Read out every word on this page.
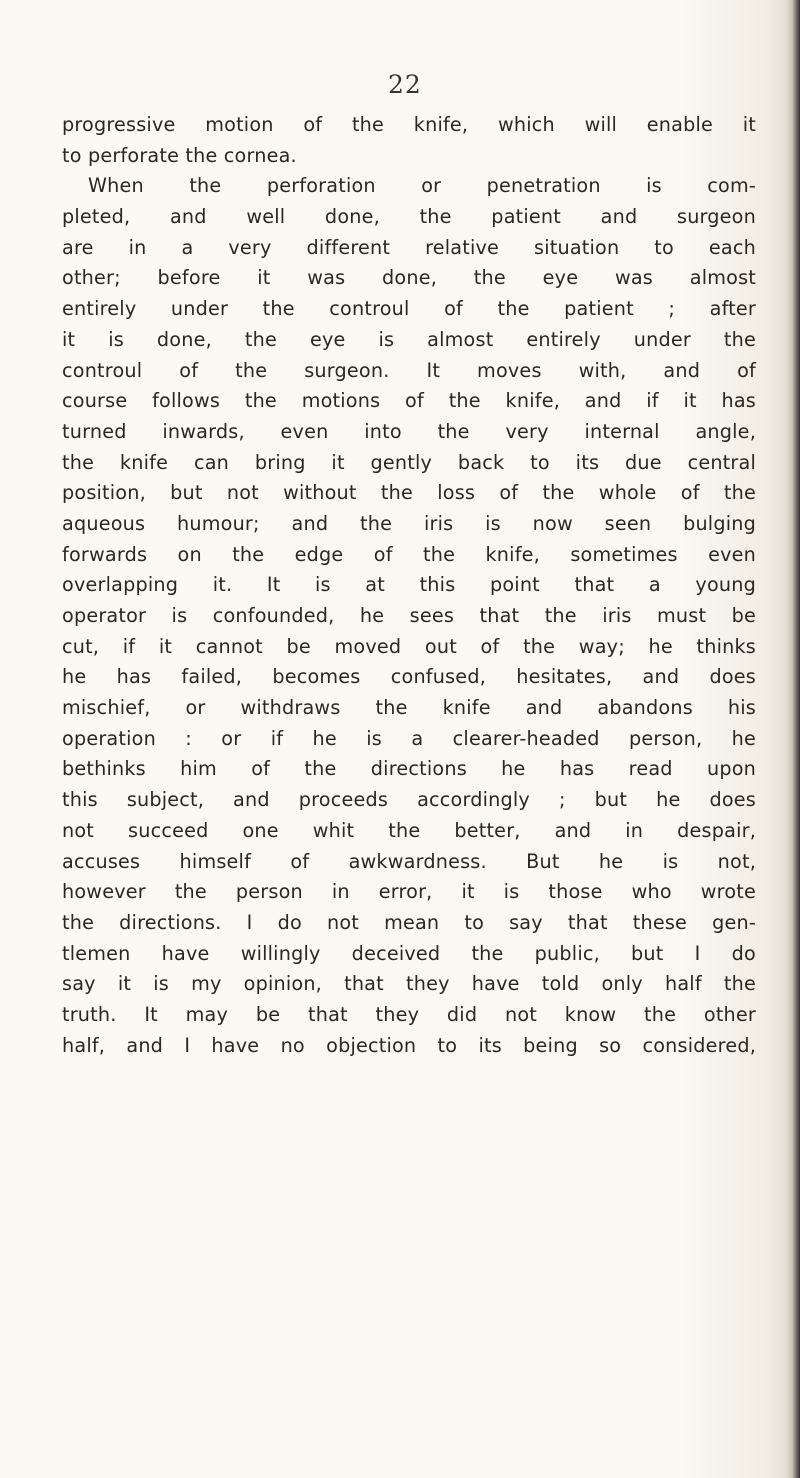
22
progressive motion of the knife, which will enable it
to perforate the cornea.
When the perforation or penetration is com-
pleted, and well done, the patient and surgeon
are in a very different relative situation to each
other; before it was done, the eye was almost
entirely under the controul of the patient ; after
it is done, the eye is almost entirely under the
controul of the surgeon. It moves with, and of
course follows the motions of the knife, and if it has
turned inwards, even into the very internal angle,
the knife can bring it gently back to its due central
position, but not without the loss of the whole of the
aqueous humour; and the iris is now seen bulging
forwards on the edge of the knife, sometimes even
overlapping it. It is at this point that a young
operator is confounded, he sees that the iris must be
cut, if it cannot be moved out of the way; he thinks
he has failed, becomes confused, hesitates, and does
mischief, or withdraws the knife and abandons his
operation : or if he is a clearer-headed person, he
bethinks him of the directions he has read upon
this subject, and proceeds accordingly ; but he does
not succeed one whit the better, and in despair,
accuses himself of awkwardness. But he is not,
however the person in error, it is those who wrote
the directions. I do not mean to say that these gen-
tlemen have willingly deceived the public, but I do
say it is my opinion, that they have told only half the
truth. It may be that they did not know the other
half, and I have no objection to its being so considered,
